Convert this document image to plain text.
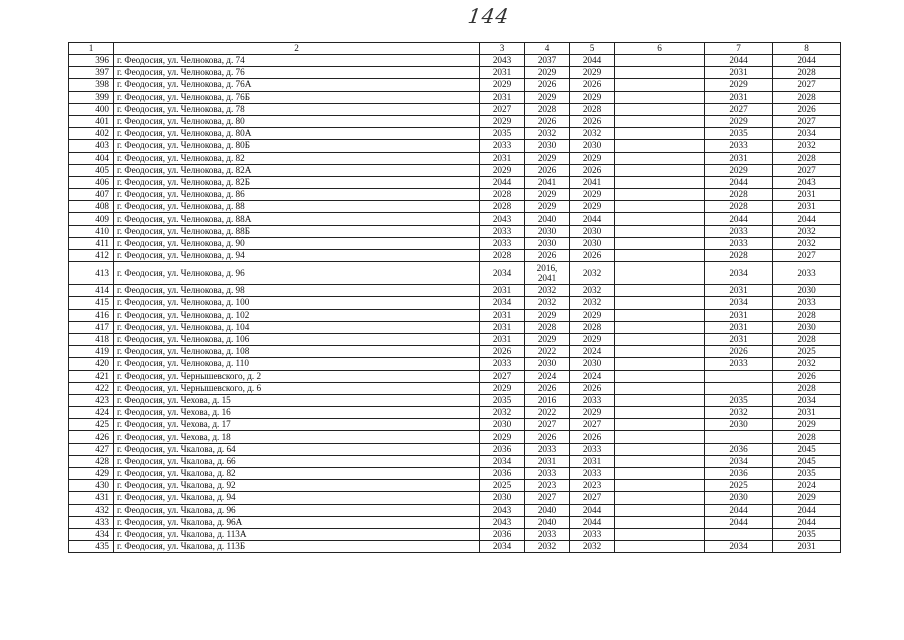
144
1	2	3	4	5	6	7	8
396	г. Феодосия, ул. Челнокова, д. 74	2043	2037	2044		2044	2044
397	г. Феодосия, ул. Челнокова, д. 76	2031	2029	2029		2031	2028
398	г. Феодосия, ул. Челнокова, д. 76А	2029	2026	2026		2029	2027
399	г. Феодосия, ул. Челнокова, д. 76Б	2031	2029	2029		2031	2028
400	г. Феодосия, ул. Челнокова, д. 78	2027	2028	2028		2027	2026
401	г. Феодосия, ул. Челнокова, д. 80	2029	2026	2026		2029	2027
402	г. Феодосия, ул. Челнокова, д. 80А	2035	2032	2032		2035	2034
403	г. Феодосия, ул. Челнокова, д. 80Б	2033	2030	2030		2033	2032
404	г. Феодосия, ул. Челнокова, д. 82	2031	2029	2029		2031	2028
405	г. Феодосия, ул. Челнокова, д. 82А	2029	2026	2026		2029	2027
406	г. Феодосия, ул. Челнокова, д. 82Б	2044	2041	2041		2044	2043
407	г. Феодосия, ул. Челнокова, д. 86	2028	2029	2029		2028	2031
408	г. Феодосия, ул. Челнокова, д. 88	2028	2029	2029		2028	2031
409	г. Феодосия, ул. Челнокова, д. 88А	2043	2040	2044		2044	2044
410	г. Феодосия, ул. Челнокова, д. 88Б	2033	2030	2030		2033	2032
411	г. Феодосия, ул. Челнокова, д. 90	2033	2030	2030		2033	2032
412	г. Феодосия, ул. Челнокова, д. 94	2028	2026	2026		2028	2027
413	г. Феодосия, ул. Челнокова, д. 96	2034	2016, 2041	2032		2034	2033
414	г. Феодосия, ул. Челнокова, д. 98	2031	2032	2032		2031	2030
415	г. Феодосия, ул. Челнокова, д. 100	2034	2032	2032		2034	2033
416	г. Феодосия, ул. Челнокова, д. 102	2031	2029	2029		2031	2028
417	г. Феодосия, ул. Челнокова, д. 104	2031	2028	2028		2031	2030
418	г. Феодосия, ул. Челнокова, д. 106	2031	2029	2029		2031	2028
419	г. Феодосия, ул. Челнокова, д. 108	2026	2022	2024		2026	2025
420	г. Феодосия, ул. Челнокова, д. 110	2033	2030	2030		2033	2032
421	г. Феодосия, ул. Чернышевского, д. 2	2027	2024	2024			2026
422	г. Феодосия, ул. Чернышевского, д. 6	2029	2026	2026			2028
423	г. Феодосия, ул. Чехова, д. 15	2035	2016	2033		2035	2034
424	г. Феодосия, ул. Чехова, д. 16	2032	2022	2029		2032	2031
425	г. Феодосия, ул. Чехова, д. 17	2030	2027	2027		2030	2029
426	г. Феодосия, ул. Чехова, д. 18	2029	2026	2026			2028
427	г. Феодосия, ул. Чкалова, д. 64	2036	2033	2033		2036	2045
428	г. Феодосия, ул. Чкалова, д. 66	2034	2031	2031		2034	2045
429	г. Феодосия, ул. Чкалова, д. 82	2036	2033	2033		2036	2035
430	г. Феодосия, ул. Чкалова, д. 92	2025	2023	2023		2025	2024
431	г. Феодосия, ул. Чкалова, д. 94	2030	2027	2027		2030	2029
432	г. Феодосия, ул. Чкалова, д. 96	2043	2040	2044		2044	2044
433	г. Феодосия, ул. Чкалова, д. 96А	2043	2040	2044		2044	2044
434	г. Феодосия, ул. Чкалова, д. 113А	2036	2033	2033			2035
435	г. Феодосия, ул. Чкалова, д. 113Б	2034	2032	2032		2034	2031
